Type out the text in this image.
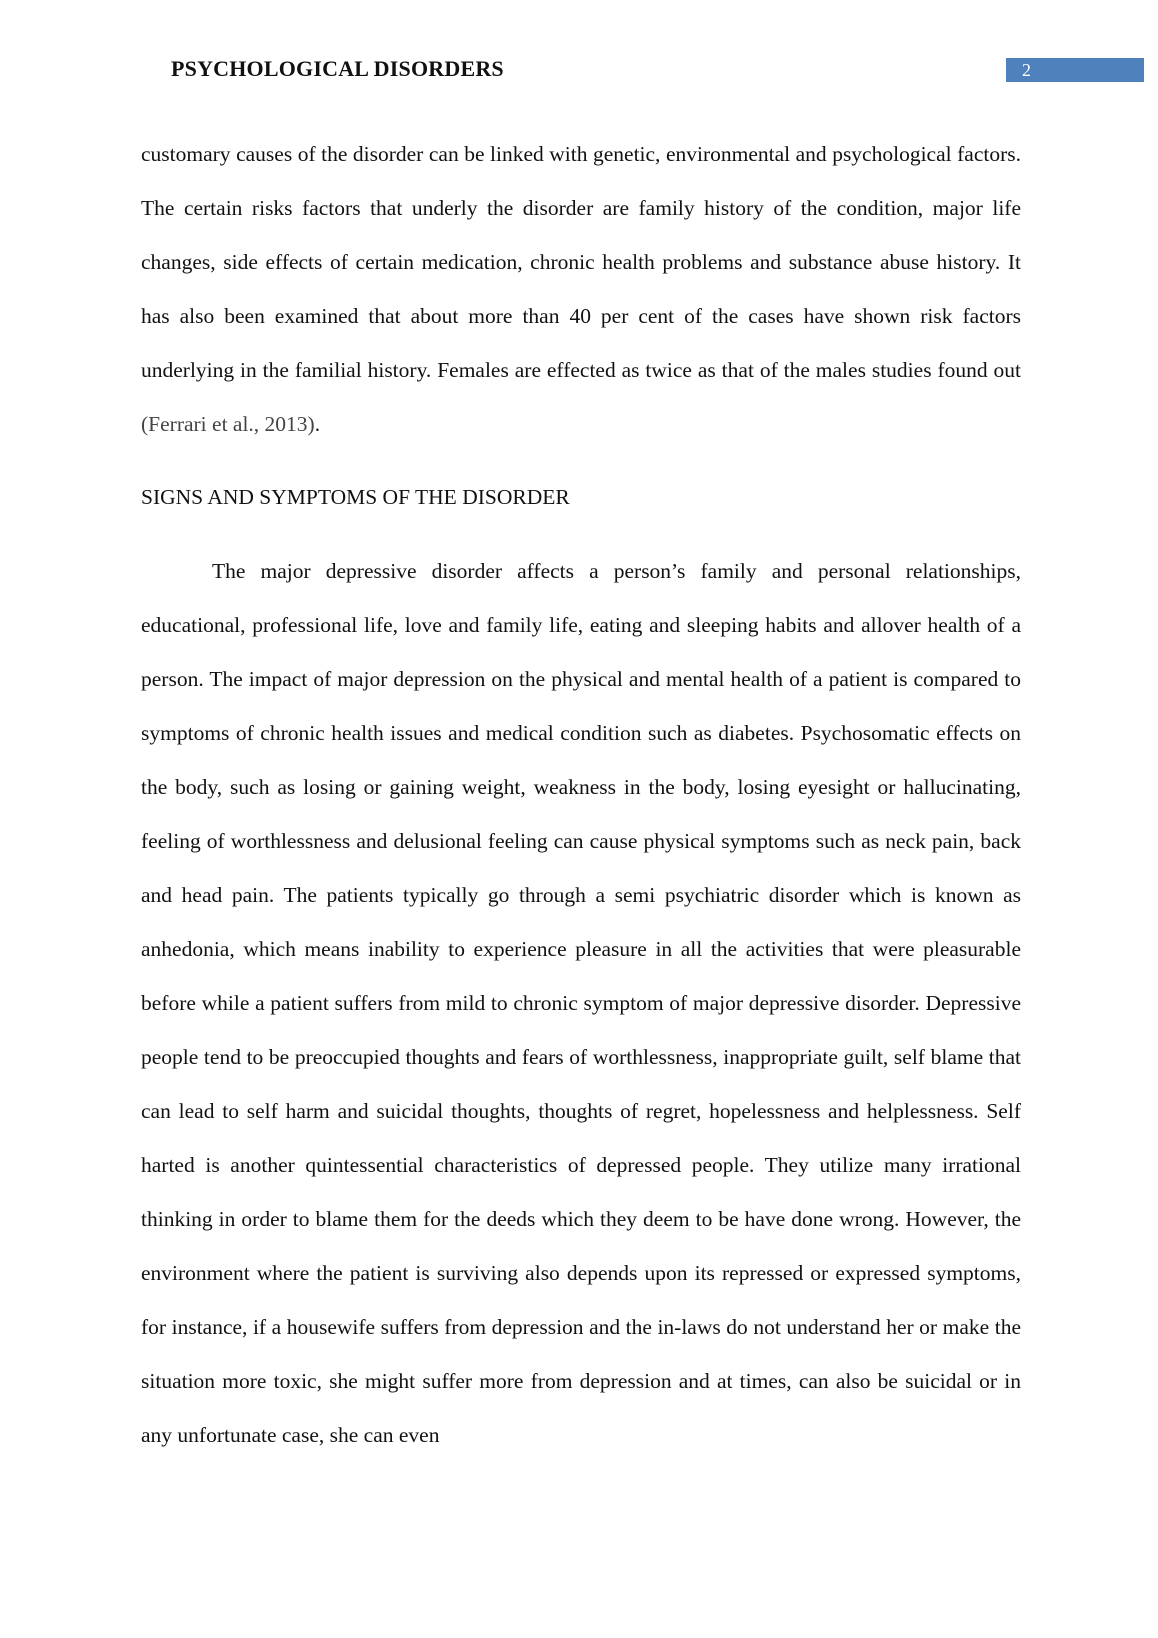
PSYCHOLOGICAL DISORDERS	2

customary causes of the disorder can be linked with genetic, environmental and psychological factors. The certain risks factors that underly the disorder are family history of the condition, major life changes, side effects of certain medication, chronic health problems and substance abuse history. It has also been examined that about more than 40 per cent of the cases have shown risk factors underlying in the familial history. Females are effected as twice as that of the males studies found out (Ferrari et al., 2013).

SIGNS AND SYMPTOMS OF THE DISORDER

The major depressive disorder affects a person’s family and personal relationships, educational, professional life, love and family life, eating and sleeping habits and allover health of a person. The impact of major depression on the physical and mental health of a patient is compared to symptoms of chronic health issues and medical condition such as diabetes. Psychosomatic effects on the body, such as losing or gaining weight, weakness in the body, losing eyesight or hallucinating, feeling of worthlessness and delusional feeling can cause physical symptoms such as neck pain, back and head pain. The patients typically go through a semi psychiatric disorder which is known as anhedonia, which means inability to experience pleasure in all the activities that were pleasurable before while a patient suffers from mild to chronic symptom of major depressive disorder. Depressive people tend to be preoccupied thoughts and fears of worthlessness, inappropriate guilt, self blame that can lead to self harm and suicidal thoughts, thoughts of regret, hopelessness and helplessness. Self harted is another quintessential characteristics of depressed people. They utilize many irrational thinking in order to blame them for the deeds which they deem to be have done wrong. However, the environment where the patient is surviving also depends upon its repressed or expressed symptoms, for instance, if a housewife suffers from depression and the in-laws do not understand her or make the situation more toxic, she might suffer more from depression and at times, can also be suicidal or in any unfortunate case, she can even
